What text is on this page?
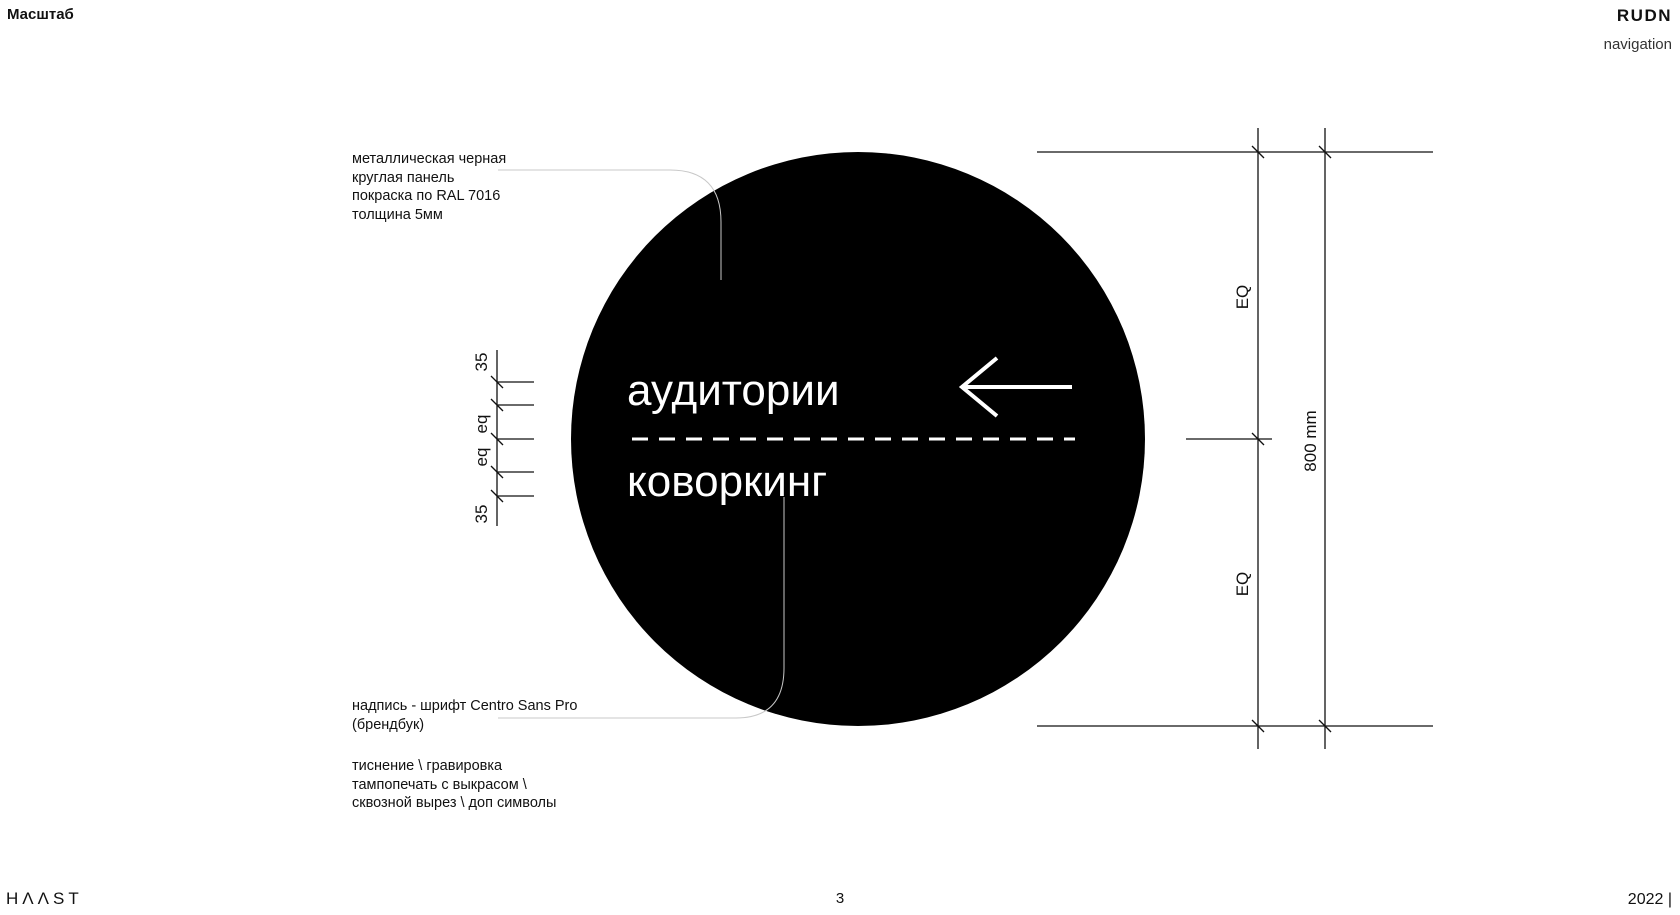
Масштаб	RUDN
navigation
аудитории
коворкинг
EQ
EQ
800 mm
35
eq
eq
35
металлическая черная
круглая панель
покраска по RAL 7016
толщина 5мм
надпись - шрифт Centro Sans Pro
(брендбук)
тиснение \ гравировка
тампопечать с выкрасом \
сквозной вырез \ доп символы
HΛΛST	3	2022 |
